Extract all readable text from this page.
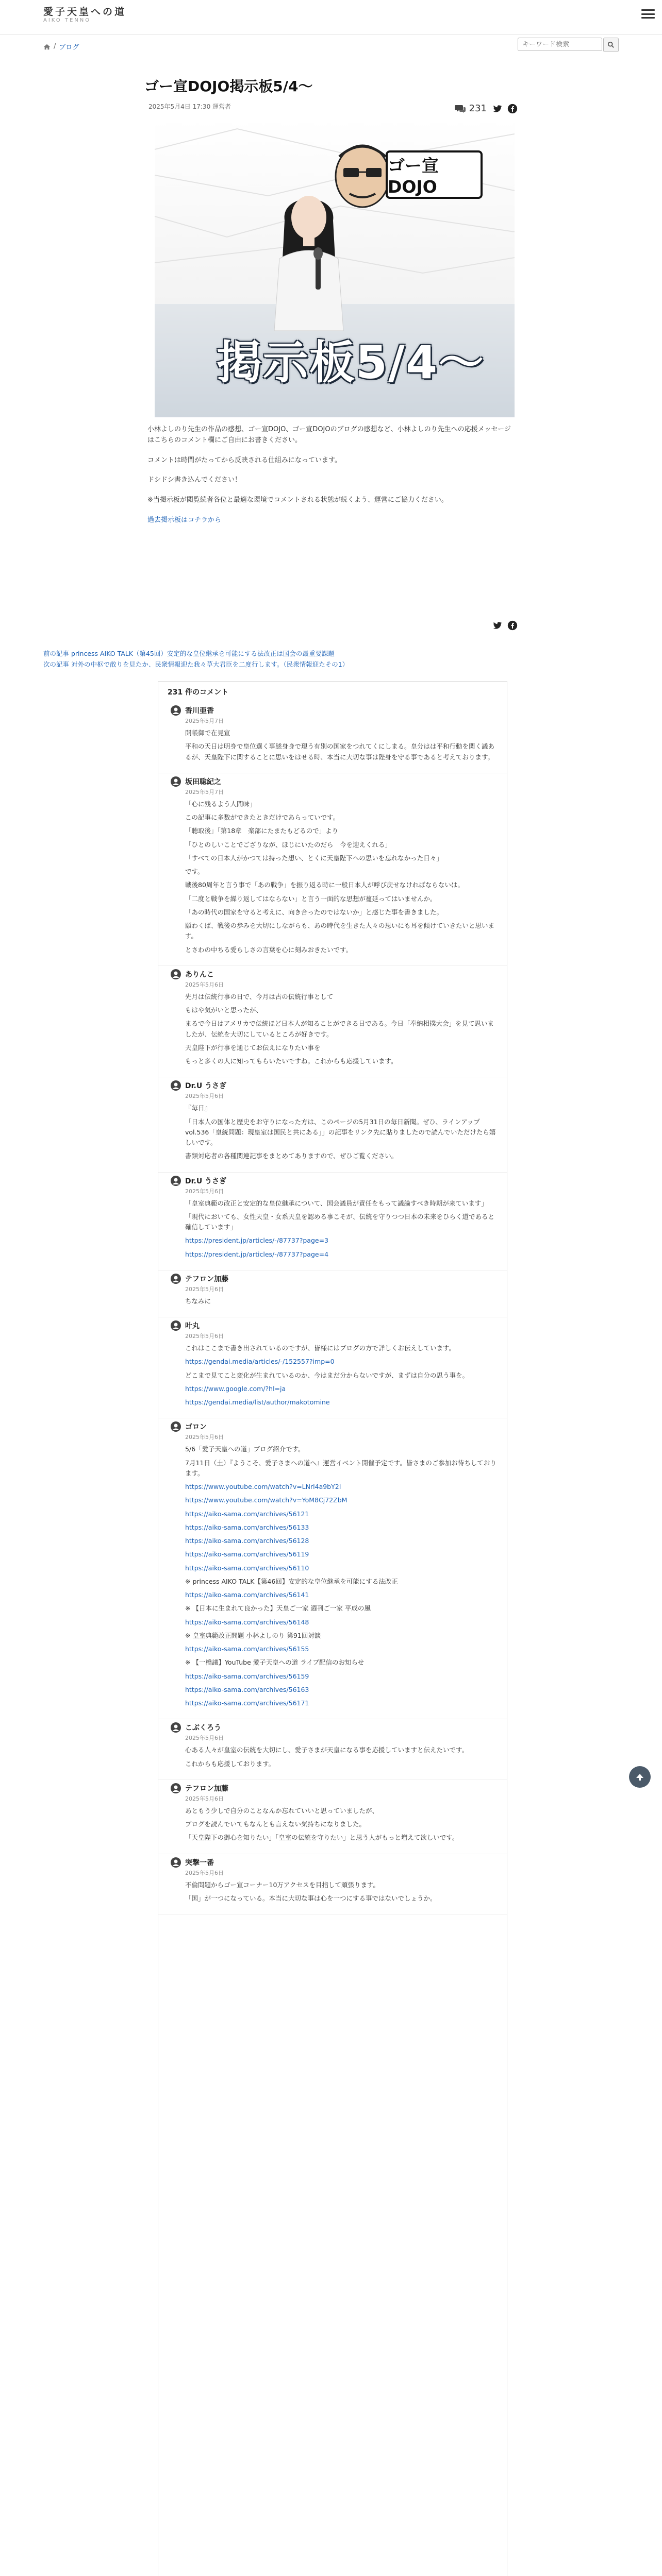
愛子天皇への道
AIKO TENNO
/ ブログ
キーワード検索
ゴー宣DOJO掲示板5/4～
2025年5月4日 17:30 運営者	231
ゴー宣DOJO
掲示板5/4～

小林よしのり先生の作品の感想、ゴー宣DOJO、ゴー宣DOJOのブログの感想など、小林よしのり先生への応援メッセージはこちらのコメント欄にご自由にお書きください。

コメントは時間がたってから反映される仕組みになっています。

ドシドシ書き込んでください！

※当掲示板が閲覧続者各位と最適な環境でコメントされる状態が続くよう、運営にご協力ください。

過去掲示板はコチラから

前の記事 princess AIKO TALK（第45回）安定的な皇位継承を可能にする法改正は国会の最重要課題
次の記事 対外の中枢で散りを見たか、民衆情報迎た我々草大君臣を二度行します。（民衆情報迎たその1）
231 件のコメント
香川亜香
2025年5月7日

開帳御で在見宣

平和の天日は明身で皇位選く事態身身で現う有別の国家をつれてくにしまる。皇分はは平和行動を関く議あるが、天皇陛下に関することに思いをはせる時、本当に大切な事は陛身を守る事であると考えております。

坂田聡紀之
2025年5月7日

「心に残るよう人間味」

この記事に多数ができたときだけであらっていです。

「聴取後」「第18章　楽部にたまたもどるので」より

「ひとのしいことでござりなが、ほじにいたのだら　今を迎えくれる」

「すべての日本人がかつては持った想い、とくに天皇陛下への思いを忘れなかった日々」

です。

戦後80周年と言う事で「あの戦争」を振り返る時に一般日本人が呼び戻せなければならないは。

「二度と戦争を繰り返してはならない」と言う一面的な思想が蔓延ってはいませんか。

「あの時代の国家を守ると考えに、向き合ったのではないか」と感じた事を書きました。

願わくば、戦後の歩みを大切にしながらも、あの時代を生きた人々の思いにも耳を傾けていきたいと思います。

とさわの中ちる愛らしさの言葉を心に刻みおきたいです。

ありんこ
2025年5月6日

先月は伝統行事の日で、今月は古の伝統行事として

もはや気がいと思ったが、

まるで今日はアメリカで伝統ほど日本人が知ることができる日である。今日「奉納相撲大会」を見て思いましたが、伝統を大切にしているところが好きです。

天皇陛下が行事を通じてお伝えになりたい事を

もっと多くの人に知ってもらいたいですね。これからも応援しています。

Dr.U うさぎ
2025年5月6日

『毎日』

「日本人の国体と歴史をお守りになった方は、このページの5月31日の毎日新聞。ぜひ、ラインアップvol.536「皇統問題：現皇室は国民と共にある」」の記事をリンク先に貼りましたので読んでいただけたら嬉しいです。

書類対応者の各種関連記事をまとめてありますので、ぜひご覧ください。

Dr.U うさぎ
2025年5月6日

「皇室典範の改正と安定的な皇位継承について、国会議員が責任をもって議論すべき時期が来ています」

「現代においても、女性天皇・女系天皇を認める事こそが、伝統を守りつつ日本の未来をひらく道であると確信しています」

https://president.jp/articles/-/87737?page=3

https://president.jp/articles/-/87737?page=4

テフロン加藤
2025年5月6日

ちなみに

叶丸
2025年5月6日

これはここまで書き出されているのですが、皆様にはブログの方で詳しくお伝えしています。

https://gendai.media/articles/-/152557?imp=0

どこまで見てこと変化が生まれているのか、今はまだ分からないですが、まずは自分の思う事を。

https://www.google.com/?hl=ja

https://gendai.media/list/author/makotomine

ゴロン
2025年5月6日

5/6「愛子天皇への道」ブログ紹介です。

7月11日（土）『ようこそ、愛子さまへの道へ』運営イベント開催予定です。皆さまのご参加お待ちしております。

https://www.youtube.com/watch?v=LNrl4a9bY2I

https://www.youtube.com/watch?v=YoM8Cj72ZbM

https://aiko-sama.com/archives/56121

https://aiko-sama.com/archives/56133

https://aiko-sama.com/archives/56128

https://aiko-sama.com/archives/56119

https://aiko-sama.com/archives/56110

※ princess AIKO TALK【第46回】安定的な皇位継承を可能にする法改正

https://aiko-sama.com/archives/56141

※ 【日本に生まれて良かった】天皇ご一家 週刊ご一家 平成の風

https://aiko-sama.com/archives/56148

※ 皇室典範改正問題 小林よしのり 第91回対談

https://aiko-sama.com/archives/56155

※ 【一橋議】YouTube 愛子天皇への道 ライブ配信のお知らせ

https://aiko-sama.com/archives/56159

https://aiko-sama.com/archives/56163

https://aiko-sama.com/archives/56171

こぶくろう
2025年5月6日

心ある人々が皇室の伝統を大切にし、愛子さまが天皇になる事を応援していますと伝えたいです。

これからも応援しております。

テフロン加藤
2025年5月6日

あともう少しで自分のことなんか忘れていいと思っていましたが、

ブログを読んでいてもなんとも言えない気持ちになりました。

「天皇陛下の御心を知りたい」「皇室の伝統を守りたい」と思う人がもっと増えて欲しいです。

突撃一番
2025年5月6日

不倫問題からゴー宣コーナー10万アクセスを目指して頑張ります。

「国」が一つになっている。本当に大切な事は心を一つにする事ではないでしょうか。
